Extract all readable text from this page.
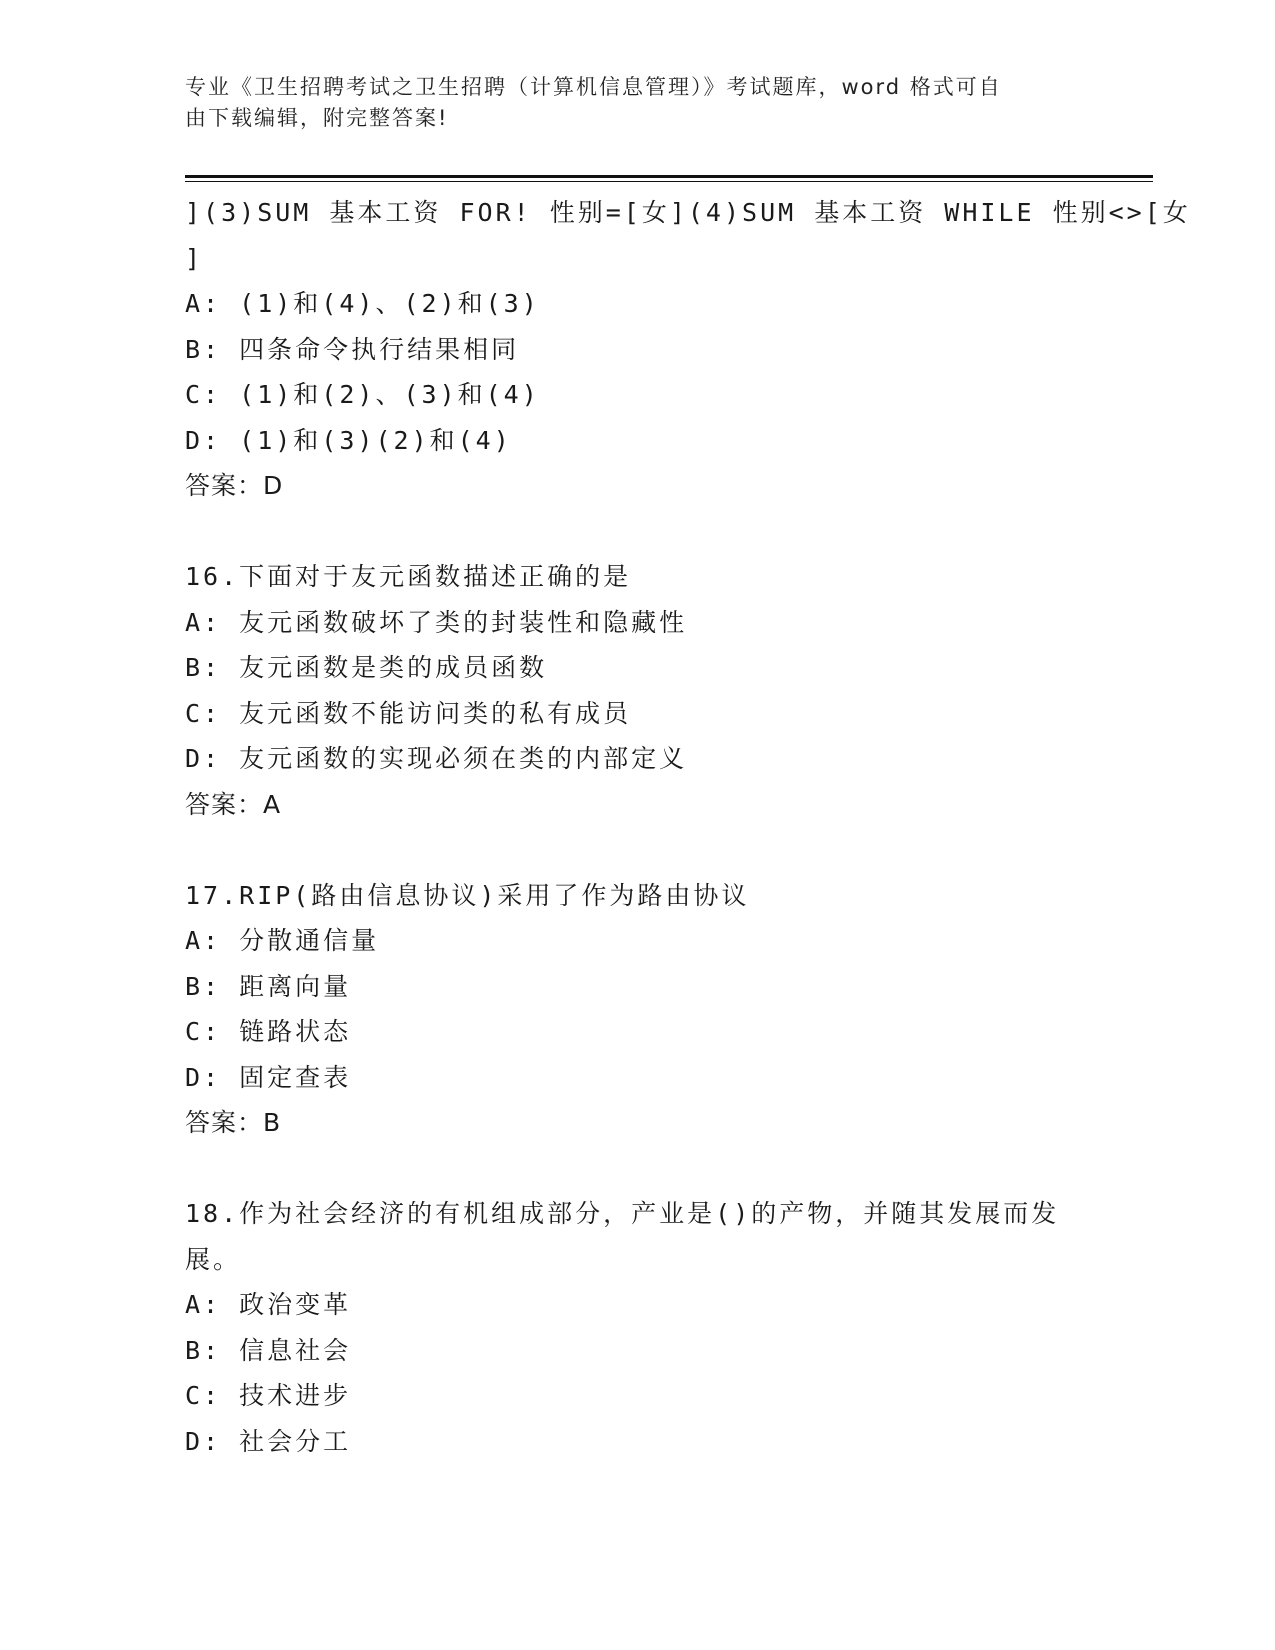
专业《卫生招聘考试之卫生招聘（计算机信息管理）》考试题库，word 格式可自
由下载编辑，附完整答案!
](3)SUM 基本工资 FOR! 性别=[女](4)SUM 基本工资 WHILE 性别<>[女
]
A: (1)和(4)、(2)和(3)
B: 四条命令执行结果相同
C: (1)和(2)、(3)和(4)
D: (1)和(3)(2)和(4)
答案：D
16.下面对于友元函数描述正确的是
A: 友元函数破坏了类的封装性和隐藏性
B: 友元函数是类的成员函数
C: 友元函数不能访问类的私有成员
D: 友元函数的实现必须在类的内部定义
答案：A
17.RIP(路由信息协议)采用了作为路由协议
A: 分散通信量
B: 距离向量
C: 链路状态
D: 固定查表
答案：B
18.作为社会经济的有机组成部分，产业是()的产物，并随其发展而发
展。
A: 政治变革
B: 信息社会
C: 技术进步
D: 社会分工
